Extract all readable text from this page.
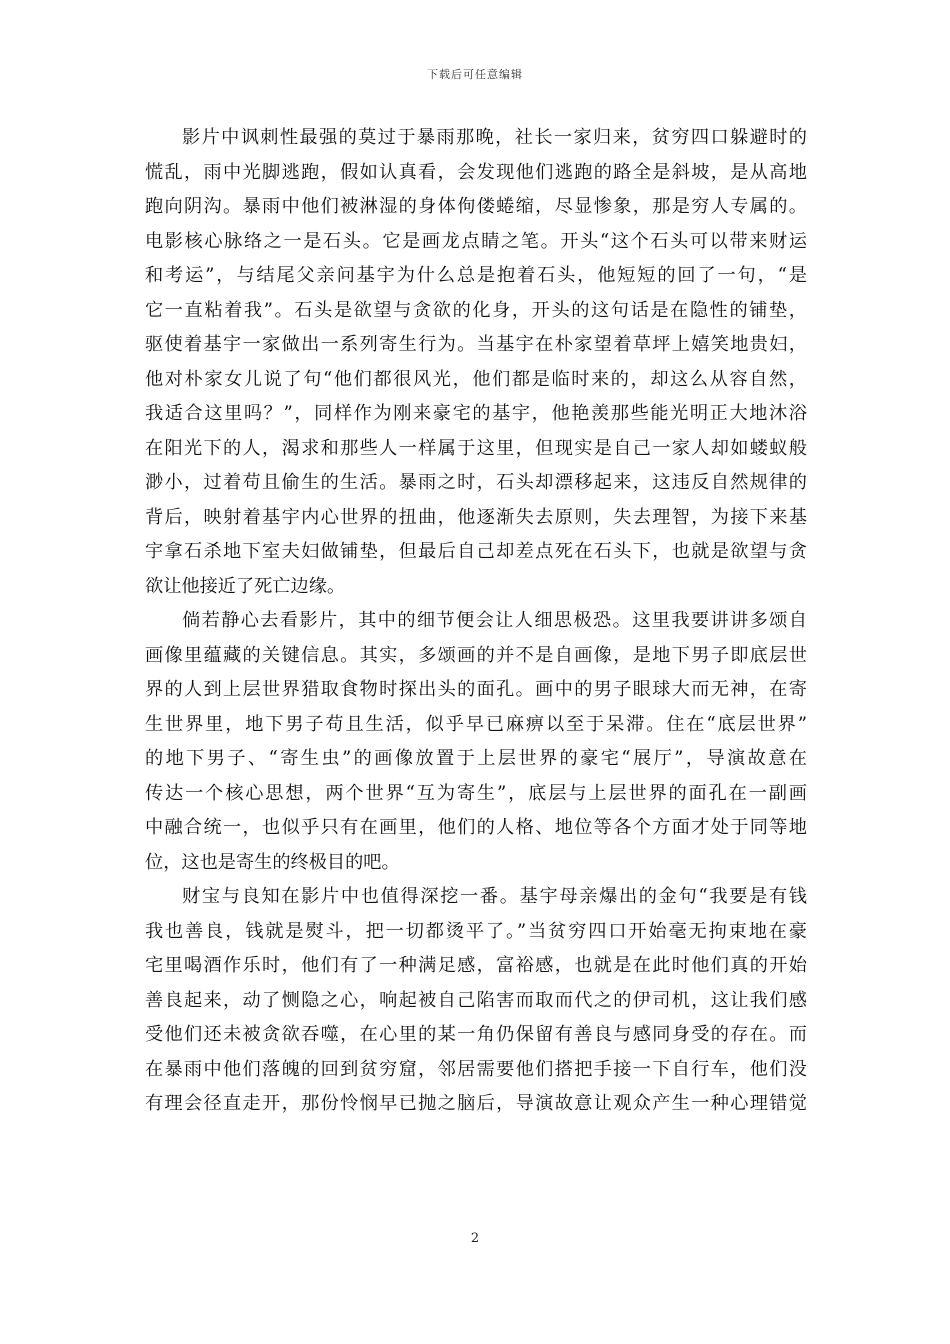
下载后可任意编辑
影片中讽刺性最强的莫过于暴雨那晚，社长一家归来，贫穷四口躲避时的
慌乱，雨中光脚逃跑，假如认真看，会发现他们逃跑的路全是斜坡，是从高地
跑向阴沟。暴雨中他们被淋湿的身体佝偻蜷缩，尽显惨象，那是穷人专属的。
电影核心脉络之一是石头。它是画龙点睛之笔。开头“这个石头可以带来财运
和考运”，与结尾父亲问基宇为什么总是抱着石头，他短短的回了一句，“是
它一直粘着我”。石头是欲望与贪欲的化身，开头的这句话是在隐性的铺垫，
驱使着基宇一家做出一系列寄生行为。当基宇在朴家望着草坪上嬉笑地贵妇，
他对朴家女儿说了句“他们都很风光，他们都是临时来的，却这么从容自然，
我适合这里吗？”，同样作为刚来豪宅的基宇，他艳羡那些能光明正大地沐浴
在阳光下的人，渴求和那些人一样属于这里，但现实是自己一家人却如蝼蚁般
渺小，过着苟且偷生的生活。暴雨之时，石头却漂移起来，这违反自然规律的
背后，映射着基宇内心世界的扭曲，他逐渐失去原则，失去理智，为接下来基
宇拿石杀地下室夫妇做铺垫，但最后自己却差点死在石头下，也就是欲望与贪
欲让他接近了死亡边缘。
倘若静心去看影片，其中的细节便会让人细思极恐。这里我要讲讲多颂自
画像里蕴藏的关键信息。其实，多颂画的并不是自画像，是地下男子即底层世
界的人到上层世界猎取食物时探出头的面孔。画中的男子眼球大而无神，在寄
生世界里，地下男子苟且生活，似乎早已麻痹以至于呆滞。住在“底层世界”
的地下男子、“寄生虫”的画像放置于上层世界的豪宅“展厅”，导演故意在
传达一个核心思想，两个世界“互为寄生”，底层与上层世界的面孔在一副画
中融合统一，也似乎只有在画里，他们的人格、地位等各个方面才处于同等地
位，这也是寄生的终极目的吧。
财宝与良知在影片中也值得深挖一番。基宇母亲爆出的金句“我要是有钱
我也善良，钱就是熨斗，把一切都烫平了。”当贫穷四口开始毫无拘束地在豪
宅里喝酒作乐时，他们有了一种满足感，富裕感，也就是在此时他们真的开始
善良起来，动了恻隐之心，响起被自己陷害而取而代之的伊司机，这让我们感
受他们还未被贪欲吞噬，在心里的某一角仍保留有善良与感同身受的存在。而
在暴雨中他们落魄的回到贫穷窟，邻居需要他们搭把手接一下自行车，他们没
有理会径直走开，那份怜悯早已抛之脑后，导演故意让观众产生一种心理错觉
2
